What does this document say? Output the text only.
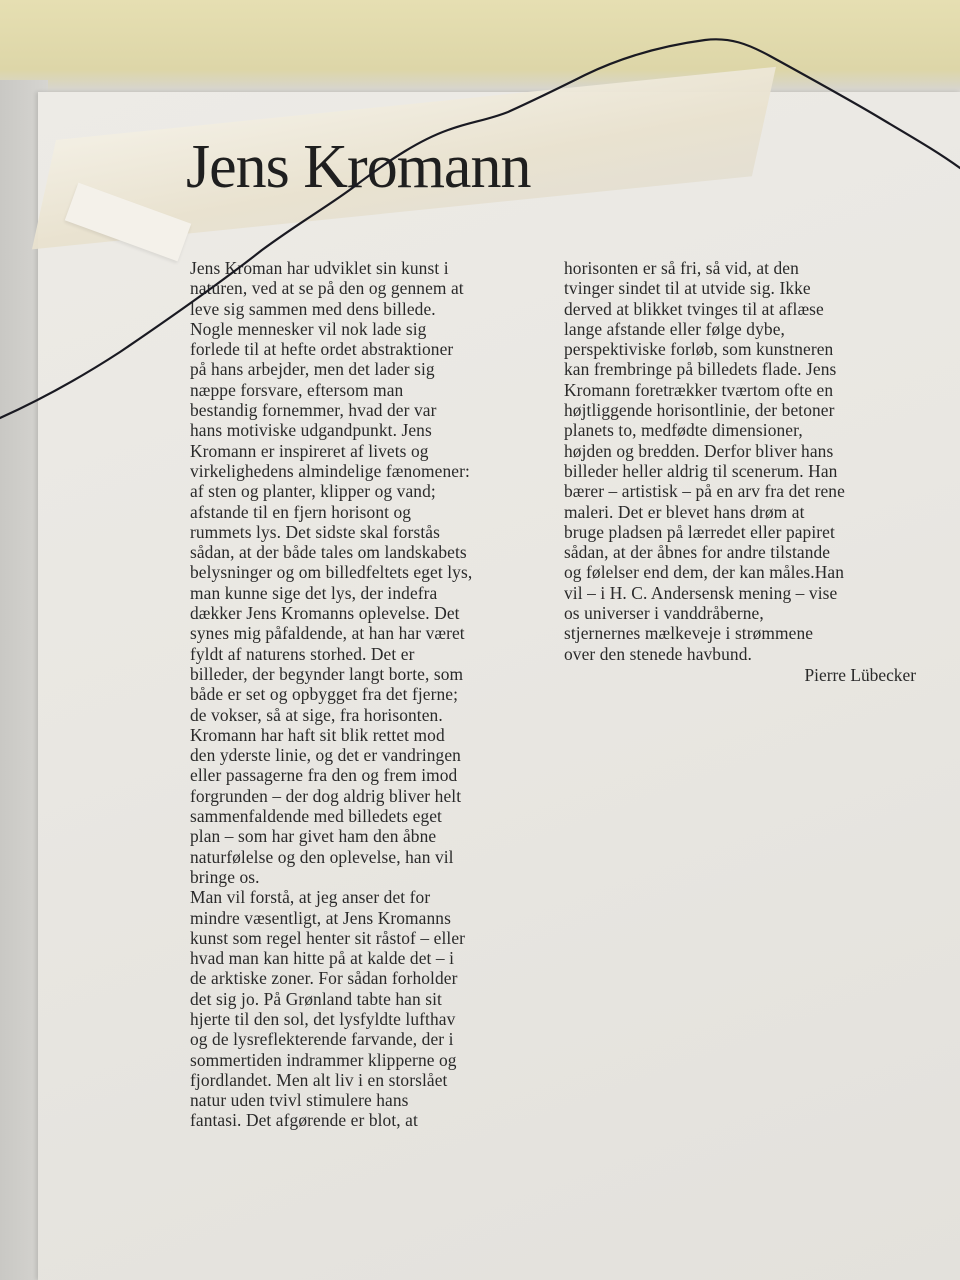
Jens Kromann
Jens Kroman har udviklet sin kunst i
naturen, ved at se på den og gennem at
leve sig sammen med dens billede.
Nogle mennesker vil nok lade sig
forlede til at hefte ordet abstraktioner
på hans arbejder, men det lader sig
næppe forsvare, eftersom man
bestandig fornemmer, hvad der var
hans motiviske udgandpunkt. Jens
Kromann er inspireret af livets og
virkelighedens almindelige fænomener:
af sten og planter, klipper og vand;
afstande til en fjern horisont og
rummets lys. Det sidste skal forstås
sådan, at der både tales om landskabets
belysninger og om billedfeltets eget lys,
man kunne sige det lys, der indefra
dækker Jens Kromanns oplevelse. Det
synes mig påfaldende, at han har været
fyldt af naturens storhed. Det er
billeder, der begynder langt borte, som
både er set og opbygget fra det fjerne;
de vokser, så at sige, fra horisonten.
Kromann har haft sit blik rettet mod
den yderste linie, og det er vandringen
eller passagerne fra den og frem imod
forgrunden – der dog aldrig bliver helt
sammenfaldende med billedets eget
plan – som har givet ham den åbne
naturfølelse og den oplevelse, han vil
bringe os.
Man vil forstå, at jeg anser det for
mindre væsentligt, at Jens Kromanns
kunst som regel henter sit råstof – eller
hvad man kan hitte på at kalde det – i
de arktiske zoner. For sådan forholder
det sig jo. På Grønland tabte han sit
hjerte til den sol, det lysfyldte lufthav
og de lysreflekterende farvande, der i
sommertiden indrammer klipperne og
fjordlandet. Men alt liv i en storslået
natur uden tvivl stimulere hans
fantasi. Det afgørende er blot, at
horisonten er så fri, så vid, at den
tvinger sindet til at utvide sig. Ikke
derved at blikket tvinges til at aflæse
lange afstande eller følge dybe,
perspektiviske forløb, som kunstneren
kan frembringe på billedets flade. Jens
Kromann foretrækker tværtom ofte en
højtliggende horisontlinie, der betoner
planets to, medfødte dimensioner,
højden og bredden. Derfor bliver hans
billeder heller aldrig til scenerum. Han
bærer – artistisk – på en arv fra det rene
maleri. Det er blevet hans drøm at
bruge pladsen på lærredet eller papiret
sådan, at der åbnes for andre tilstande
og følelser end dem, der kan måles.Han
vil – i H. C. Andersensk mening – vise
os universer i vanddråberne,
stjernernes mælkeveje i strømmene
over den stenede havbund.
Pierre Lübecker
